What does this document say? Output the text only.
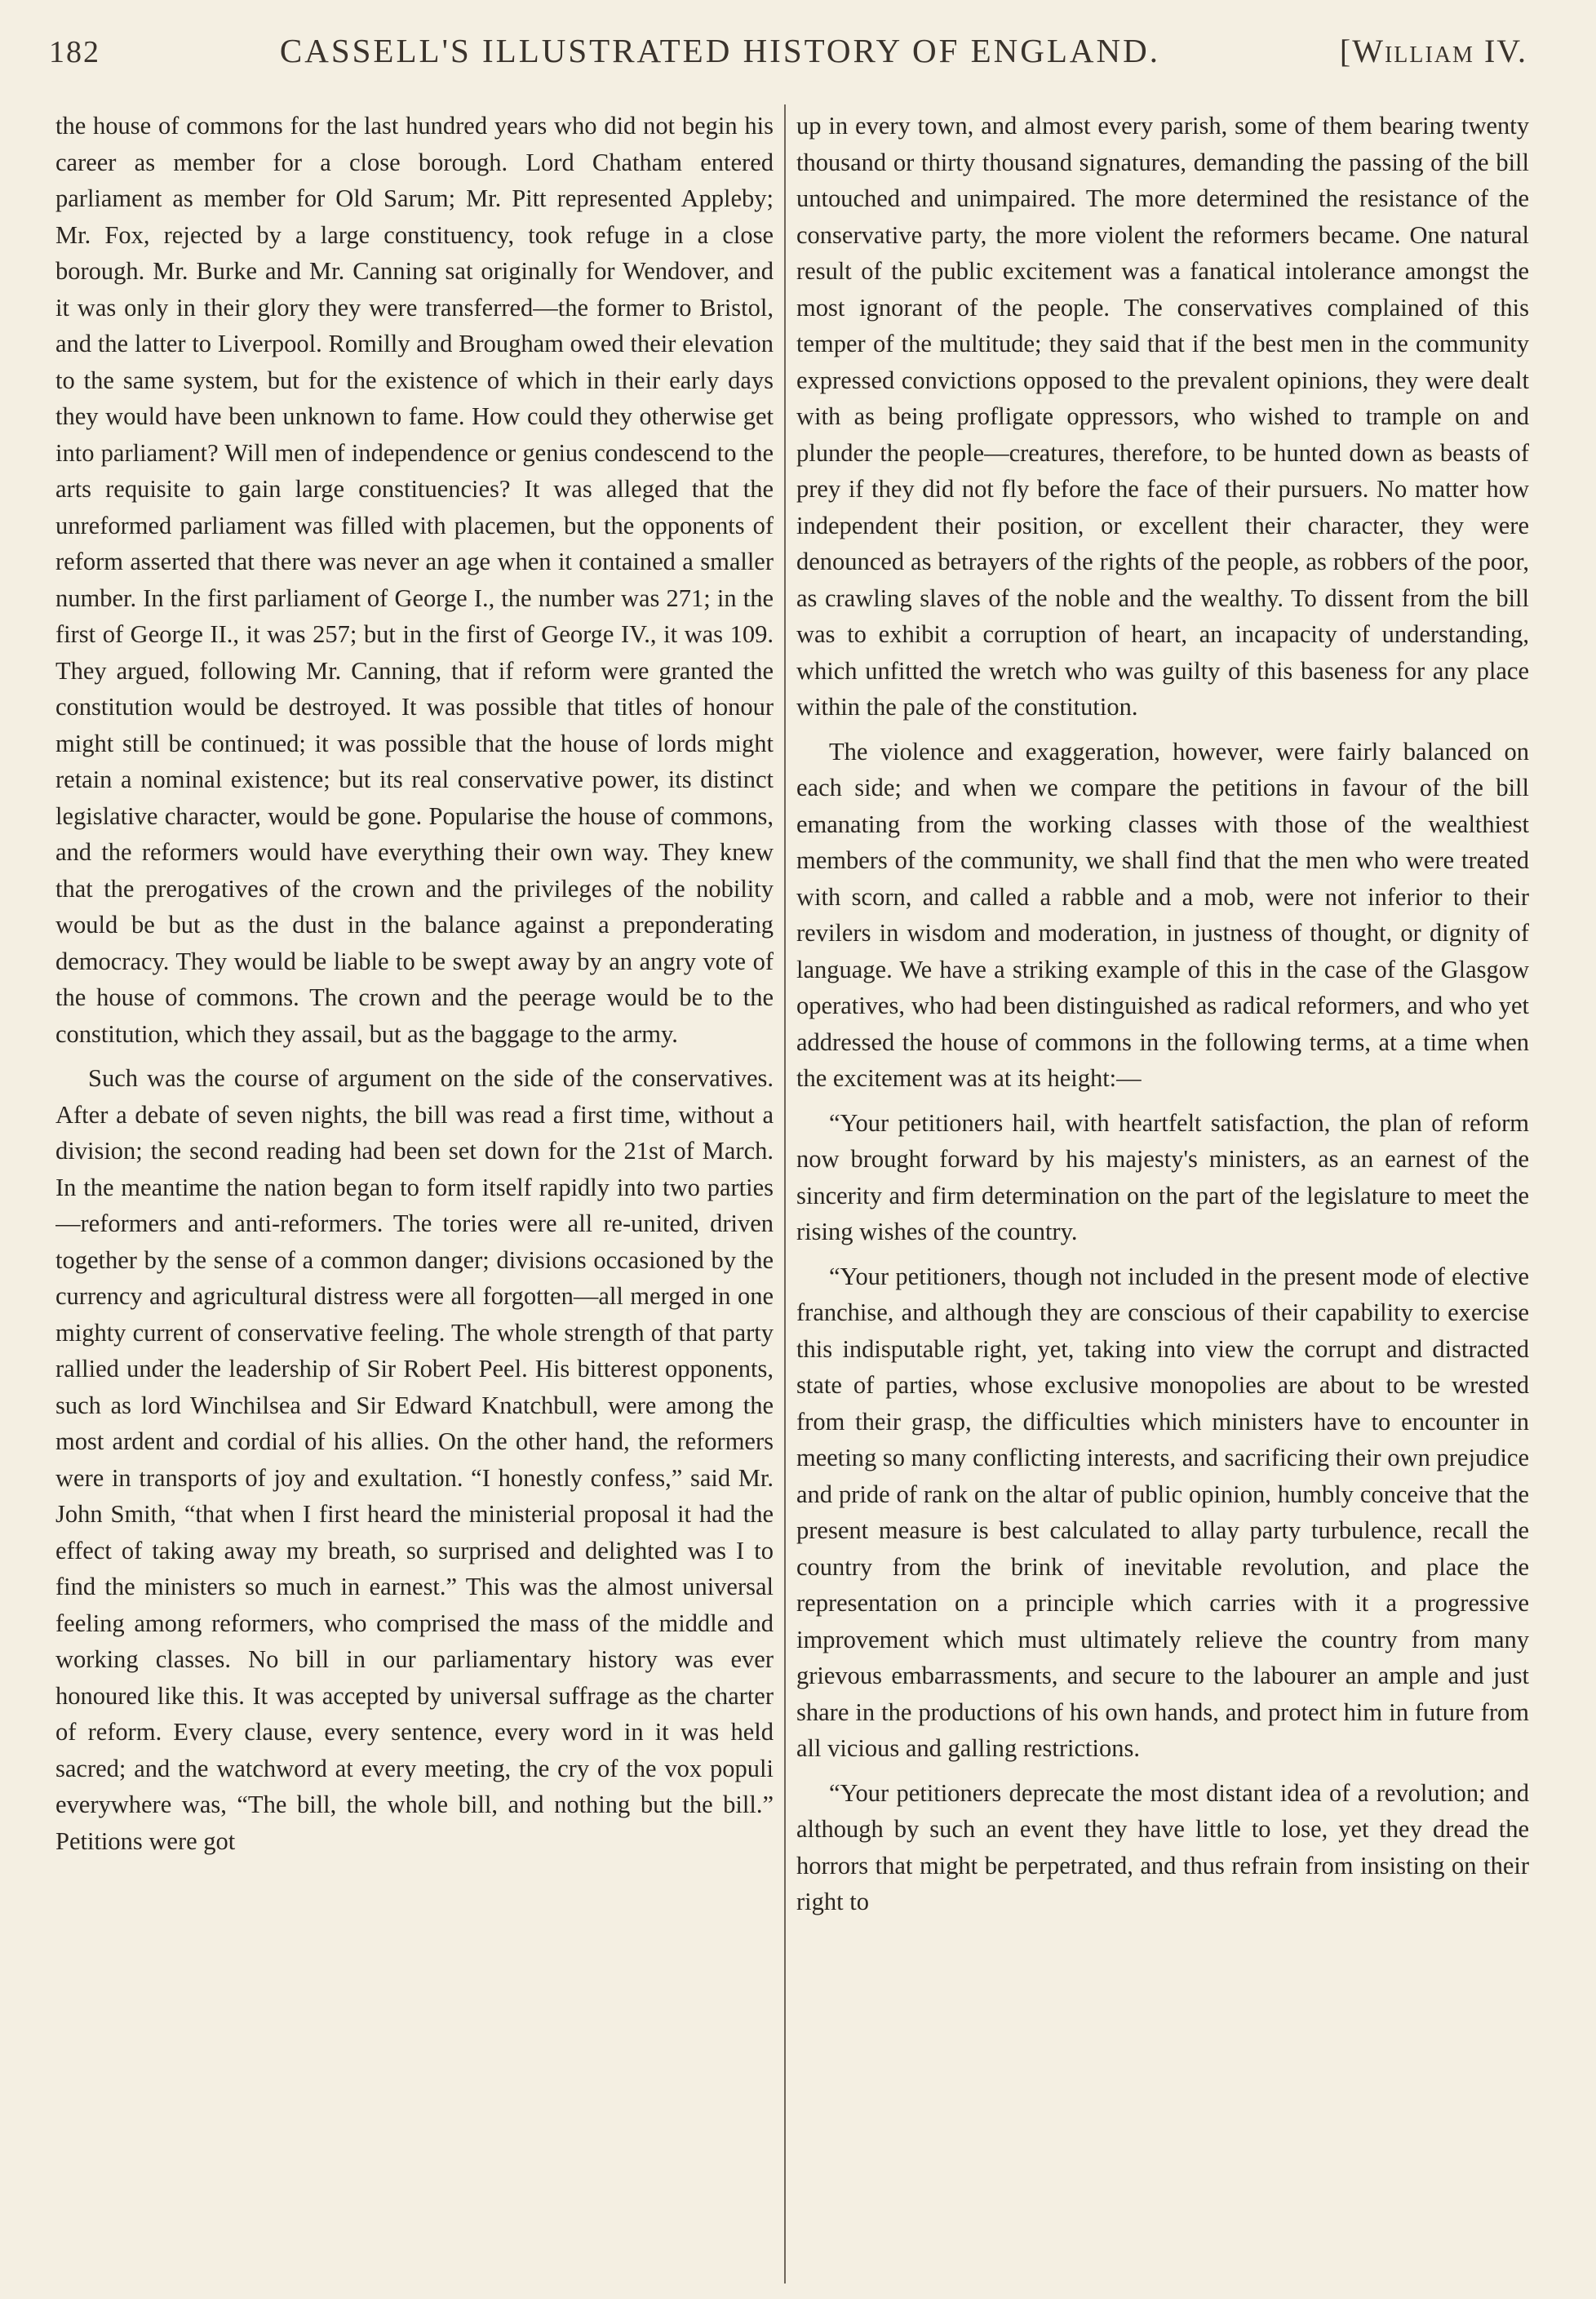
182	CASSELL'S ILLUSTRATED HISTORY OF ENGLAND.	[William IV.

the house of commons for the last hundred years who did not begin his career as member for a close borough. Lord Chatham entered parliament as member for Old Sarum; Mr. Pitt represented Appleby; Mr. Fox, rejected by a large constituency, took refuge in a close borough. Mr. Burke and Mr. Canning sat originally for Wendover, and it was only in their glory they were transferred—the former to Bristol, and the latter to Liverpool. Romilly and Brougham owed their elevation to the same system, but for the existence of which in their early days they would have been unknown to fame. How could they otherwise get into parliament? Will men of independence or genius condescend to the arts requisite to gain large constituencies? It was alleged that the unreformed parliament was filled with placemen, but the opponents of reform asserted that there was never an age when it contained a smaller number. In the first parliament of George I., the number was 271; in the first of George II., it was 257; but in the first of George IV., it was 109. They argued, following Mr. Canning, that if reform were granted the constitution would be destroyed. It was possible that titles of honour might still be continued; it was possible that the house of lords might retain a nominal existence; but its real conservative power, its distinct legislative character, would be gone. Popularise the house of commons, and the reformers would have everything their own way. They knew that the prerogatives of the crown and the privileges of the nobility would be but as the dust in the balance against a preponderating democracy. They would be liable to be swept away by an angry vote of the house of commons. The crown and the peerage would be to the constitution, which they assail, but as the baggage to the army.

Such was the course of argument on the side of the conservatives. After a debate of seven nights, the bill was read a first time, without a division; the second reading had been set down for the 21st of March. In the meantime the nation began to form itself rapidly into two parties—reformers and anti-reformers. The tories were all re-united, driven together by the sense of a common danger; divisions occasioned by the currency and agricultural distress were all forgotten—all merged in one mighty current of conservative feeling. The whole strength of that party rallied under the leadership of Sir Robert Peel. His bitterest opponents, such as lord Winchilsea and Sir Edward Knatchbull, were among the most ardent and cordial of his allies. On the other hand, the reformers were in transports of joy and exultation. “I honestly confess,” said Mr. John Smith, “that when I first heard the ministerial proposal it had the effect of taking away my breath, so surprised and delighted was I to find the ministers so much in earnest.” This was the almost universal feeling among reformers, who comprised the mass of the middle and working classes. No bill in our parliamentary history was ever honoured like this. It was accepted by universal suffrage as the charter of reform. Every clause, every sentence, every word in it was held sacred; and the watchword at every meeting, the cry of the vox populi everywhere was, “The bill, the whole bill, and nothing but the bill.” Petitions were got

up in every town, and almost every parish, some of them bearing twenty thousand or thirty thousand signatures, demanding the passing of the bill untouched and unimpaired. The more determined the resistance of the conservative party, the more violent the reformers became. One natural result of the public excitement was a fanatical intolerance amongst the most ignorant of the people. The conservatives complained of this temper of the multitude; they said that if the best men in the community expressed convictions opposed to the prevalent opinions, they were dealt with as being profligate oppressors, who wished to trample on and plunder the people—creatures, therefore, to be hunted down as beasts of prey if they did not fly before the face of their pursuers. No matter how independent their position, or excellent their character, they were denounced as betrayers of the rights of the people, as robbers of the poor, as crawling slaves of the noble and the wealthy. To dissent from the bill was to exhibit a corruption of heart, an incapacity of understanding, which unfitted the wretch who was guilty of this baseness for any place within the pale of the constitution.

The violence and exaggeration, however, were fairly balanced on each side; and when we compare the petitions in favour of the bill emanating from the working classes with those of the wealthiest members of the community, we shall find that the men who were treated with scorn, and called a rabble and a mob, were not inferior to their revilers in wisdom and moderation, in justness of thought, or dignity of language. We have a striking example of this in the case of the Glasgow operatives, who had been distinguished as radical reformers, and who yet addressed the house of commons in the following terms, at a time when the excitement was at its height:—

“Your petitioners hail, with heartfelt satisfaction, the plan of reform now brought forward by his majesty's ministers, as an earnest of the sincerity and firm determination on the part of the legislature to meet the rising wishes of the country.

“Your petitioners, though not included in the present mode of elective franchise, and although they are conscious of their capability to exercise this indisputable right, yet, taking into view the corrupt and distracted state of parties, whose exclusive monopolies are about to be wrested from their grasp, the difficulties which ministers have to encounter in meeting so many conflicting interests, and sacrificing their own prejudice and pride of rank on the altar of public opinion, humbly conceive that the present measure is best calculated to allay party turbulence, recall the country from the brink of inevitable revolution, and place the representation on a principle which carries with it a progressive improvement which must ultimately relieve the country from many grievous embarrassments, and secure to the labourer an ample and just share in the productions of his own hands, and protect him in future from all vicious and galling restrictions.

“Your petitioners deprecate the most distant idea of a revolution; and although by such an event they have little to lose, yet they dread the horrors that might be perpetrated, and thus refrain from insisting on their right to
